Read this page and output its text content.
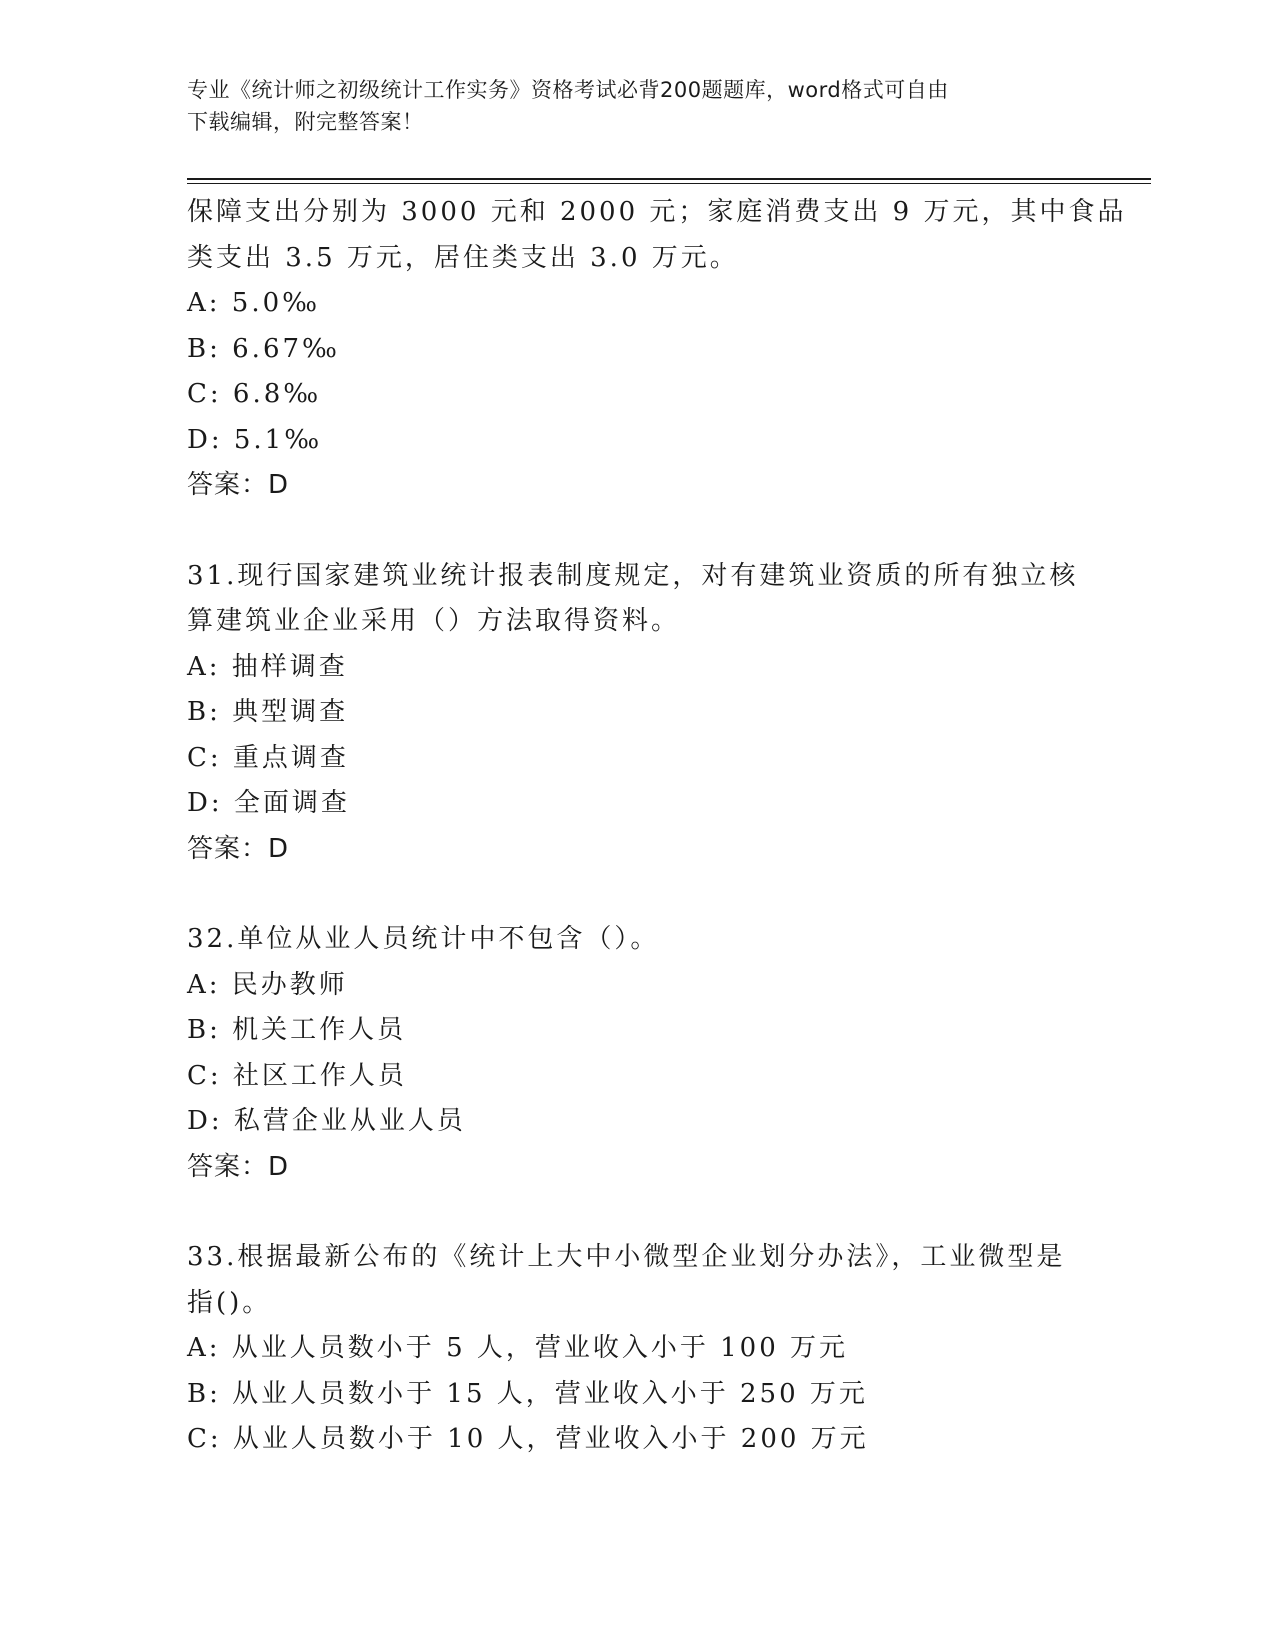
专业《统计师之初级统计工作实务》资格考试必背200题题库，word格式可自由
下载编辑，附完整答案！
保障支出分别为 3000 元和 2000 元；家庭消费支出 9 万元，其中食品
类支出 3.5 万元，居住类支出 3.0 万元。
A: 5.0‰
B: 6.67‰
C: 6.8‰
D: 5.1‰
答案：D
31.现行国家建筑业统计报表制度规定，对有建筑业资质的所有独立核
算建筑业企业采用（）方法取得资料。
A: 抽样调查
B: 典型调查
C: 重点调查
D: 全面调查
答案：D
32.单位从业人员统计中不包含（）。
A: 民办教师
B: 机关工作人员
C: 社区工作人员
D: 私营企业从业人员
答案：D
33.根据最新公布的《统计上大中小微型企业划分办法》，工业微型是
指()。
A: 从业人员数小于 5 人，营业收入小于 100 万元
B: 从业人员数小于 15 人，营业收入小于 250 万元
C: 从业人员数小于 10 人，营业收入小于 200 万元
